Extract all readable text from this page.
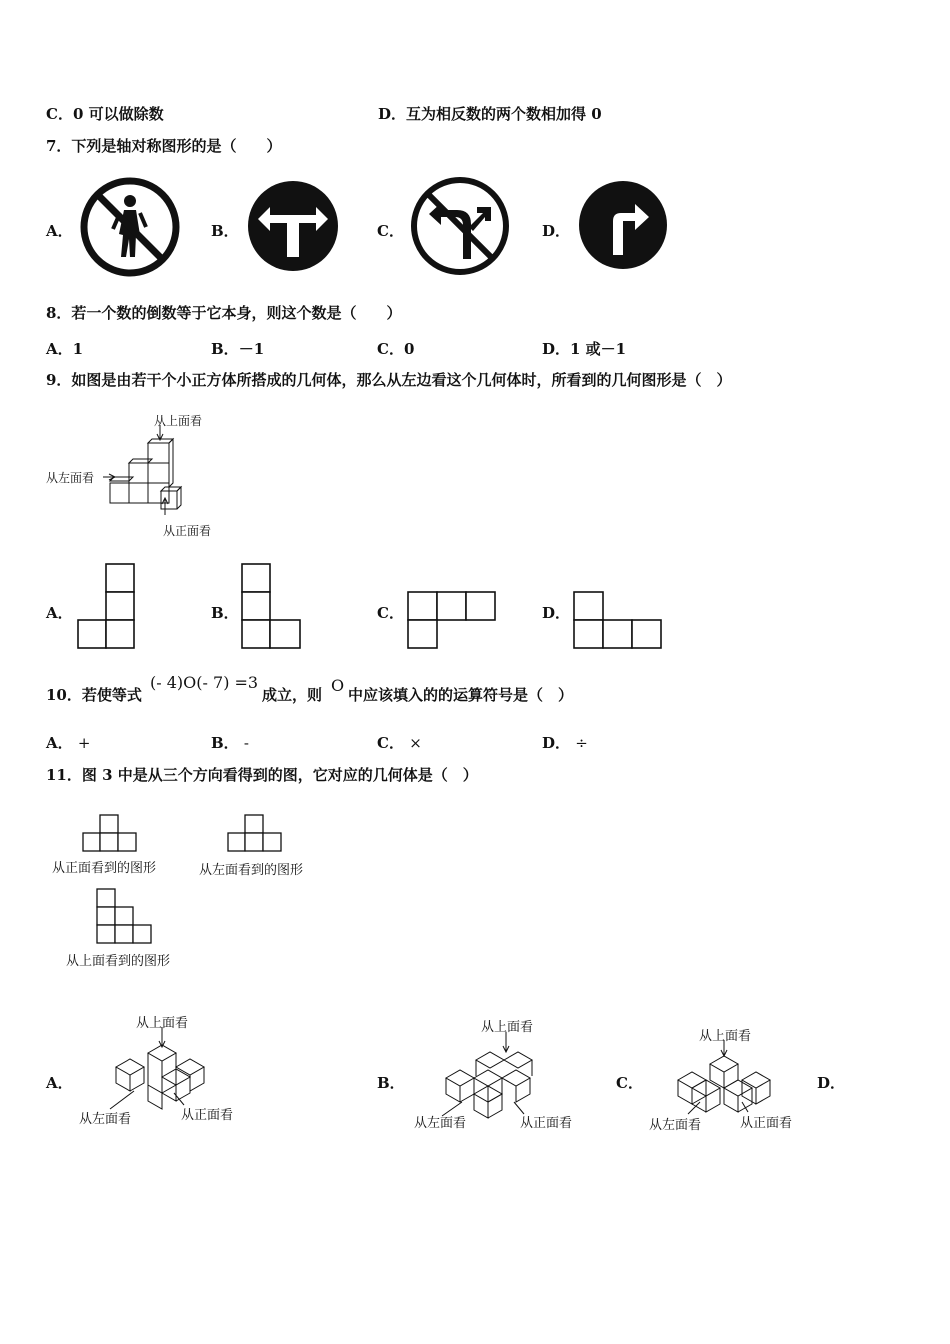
C．0 可以做除数	D．互为相反数的两个数相加得 0
7．下列是轴对称图形的是（　　）
A．	B．	C．	D．
8．若一个数的倒数等于它本身，则这个数是（　　）
A．1	B．－1	C．0	D．1 或－1
9．如图是由若干个小正方体所搭成的几何体，那么从左边看这个几何体时，所看到的几何图形是（　）
从上面看
从左面看
从正面看
A．	B．	C．	D．
10．若使等式
(- 4)O(- 7) =3
成立，则 O 中应该填入的的运算符号是（　）
A． +	B． -	C． ×	D． ÷
11．图 3 中是从三个方向看得到的图，它对应的几何体是（　）
从正面看到的图形	从左面看到的图形
从上面看到的图形
A．
从上面看
从左面看	从正面看
B．
从上面看
从左面看	从正面看
C．
从上面看
从左面看	从正面看
D．
